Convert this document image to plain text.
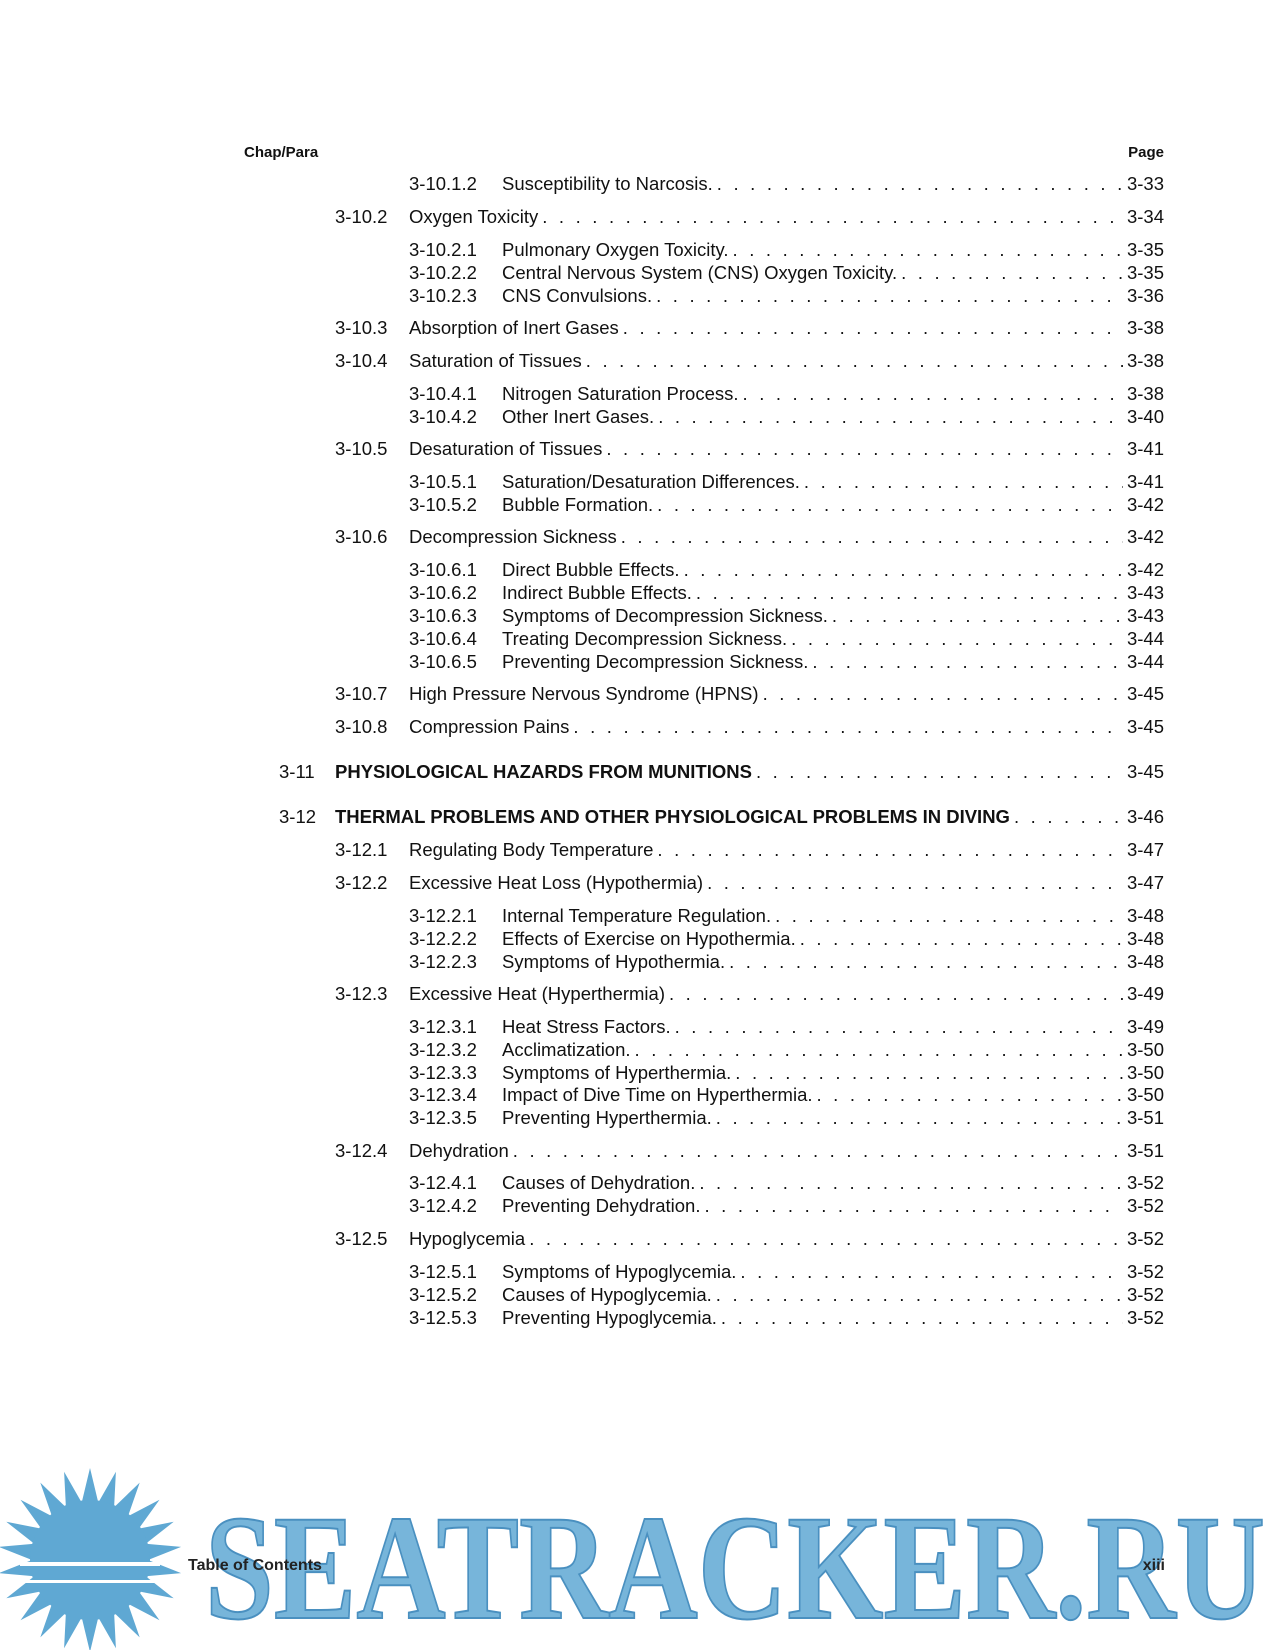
Chap/Para	Page
3-10.1.2 Susceptibility to Narcosis. . . .	3-33
3-10.2 Oxygen Toxicity . . .	3-34
3-10.2.1 Pulmonary Oxygen Toxicity. . . .	3-35
3-10.2.2 Central Nervous System (CNS) Oxygen Toxicity. . . .	3-35
3-10.2.3 CNS Convulsions. . . .	3-36
3-10.3 Absorption of Inert Gases . . .	3-38
3-10.4 Saturation of Tissues . . .	3-38
3-10.4.1 Nitrogen Saturation Process. . . .	3-38
3-10.4.2 Other Inert Gases. . . .	3-40
3-10.5 Desaturation of Tissues . . .	3-41
3-10.5.1 Saturation/Desaturation Differences. . . .	3-41
3-10.5.2 Bubble Formation. . . .	3-42
3-10.6 Decompression Sickness . . .	3-42
3-10.6.1 Direct Bubble Effects. . . .	3-42
3-10.6.2 Indirect Bubble Effects. . . .	3-43
3-10.6.3 Symptoms of Decompression Sickness. . . .	3-43
3-10.6.4 Treating Decompression Sickness. . . .	3-44
3-10.6.5 Preventing Decompression Sickness. . . .	3-44
3-10.7 High Pressure Nervous Syndrome (HPNS) . . .	3-45
3-10.8 Compression Pains . . .	3-45
3-11 PHYSIOLOGICAL HAZARDS FROM MUNITIONS . . .	3-45
3-12 THERMAL PROBLEMS AND OTHER PHYSIOLOGICAL PROBLEMS IN DIVING . . .	3-46
3-12.1 Regulating Body Temperature . . .	3-47
3-12.2 Excessive Heat Loss (Hypothermia) . . .	3-47
3-12.2.1 Internal Temperature Regulation. . . .	3-48
3-12.2.2 Effects of Exercise on Hypothermia. . . .	3-48
3-12.2.3 Symptoms of Hypothermia. . . .	3-48
3-12.3 Excessive Heat (Hyperthermia) . . .	3-49
3-12.3.1 Heat Stress Factors. . . .	3-49
3-12.3.2 Acclimatization. . . .	3-50
3-12.3.3 Symptoms of Hyperthermia. . . .	3-50
3-12.3.4 Impact of Dive Time on Hyperthermia. . . .	3-50
3-12.3.5 Preventing Hyperthermia. . . .	3-51
3-12.4 Dehydration . . .	3-51
3-12.4.1 Causes of Dehydration. . . .	3-52
3-12.4.2 Preventing Dehydration. . . .	3-52
3-12.5 Hypoglycemia . . .	3-52
3-12.5.1 Symptoms of Hypoglycemia. . . .	3-52
3-12.5.2 Causes of Hypoglycemia. . . .	3-52
3-12.5.3 Preventing Hypoglycemia. . . .	3-52
SEATRACKER.RU
Table of Contents	xiii
